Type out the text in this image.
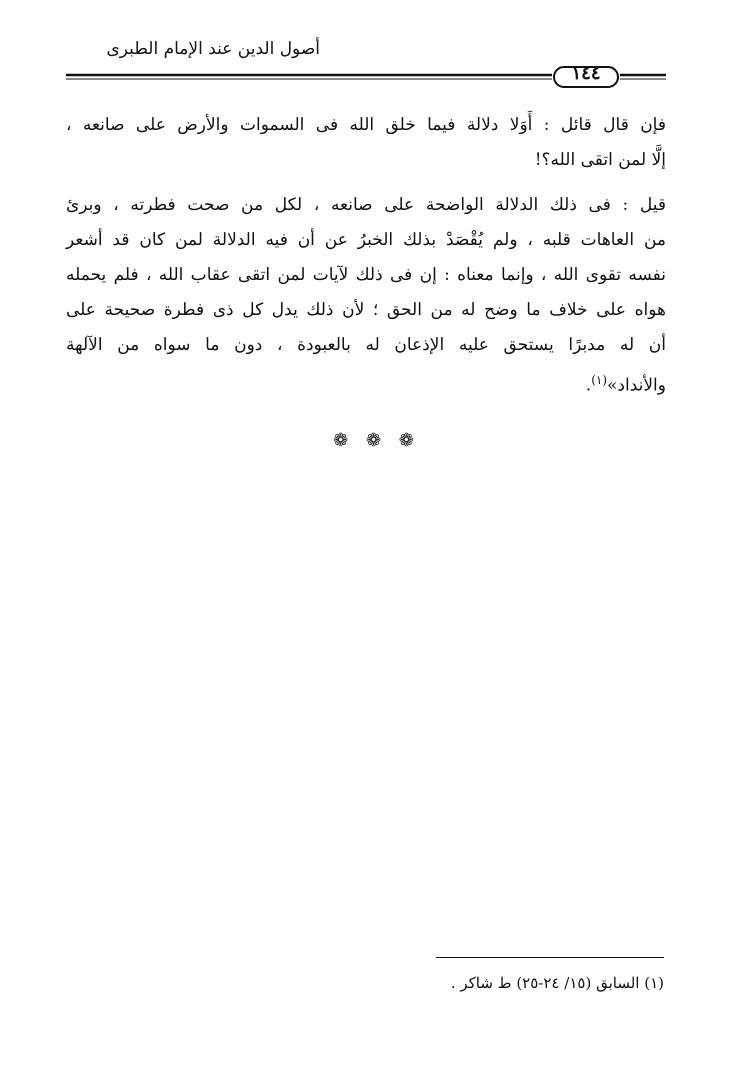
أصول الدين عند الإمام الطبرى
١٤٤
فإن قال قائل : أَوَلا دلالة فيما خلق الله فى السموات والأرض على صانعه ،
إلَّا لمن اتقى الله؟!
قيل : فى ذلك الدلالة الواضحة على صانعه ، لكل من صحت فطرته ، وبرئ
من العاهات قلبه ، ولم يُقْصَدْ بذلك الخبرُ عن أن فيه الدلالة لمن كان قد أشعر
نفسه تقوى الله ، وإنما معناه : إن فى ذلك لآيات لمن اتقى عقاب الله ، فلم يحمله
هواه على خلاف ما وضح له من الحق ؛ لأن ذلك يدل كل ذى فطرة صحيحة على
أن له مدبرًا يستحق عليه الإذعان له بالعبودة ، دون ما سواه من الآلهة
والأنداد»$^{(١)}$.
❁ ❁ ❁
(١) السابق (١٥/ ٢٤-٢٥) ط شاكر .
